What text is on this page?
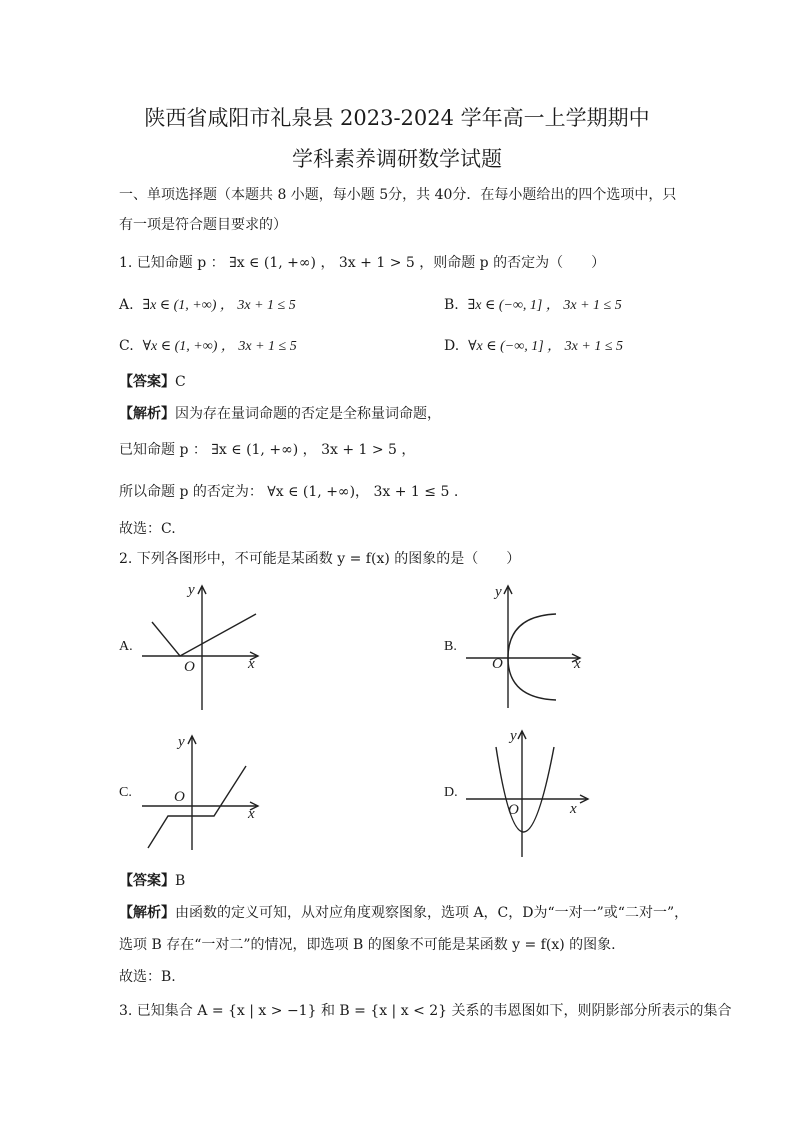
陕西省咸阳市礼泉县 2023-2024 学年高一上学期期中
学科素养调研数学试题
一、单项选择题（本题共 8 小题，每小题 5分，共 40分．在每小题给出的四个选项中，只
有一项是符合题目要求的）
1. 已知命题 p ： ∃x ∈ (1, +∞) ， 3x + 1 > 5 ，则命题 p 的否定为（　　）
A. ∃x ∈ (1, +∞) ， 3x + 1 ≤ 5	B. ∃x ∈ (−∞, 1] ， 3x + 1 ≤ 5
C. ∀x ∈ (1, +∞) ， 3x + 1 ≤ 5	D. ∀x ∈ (−∞, 1] ， 3x + 1 ≤ 5
【答案】C
【解析】因为存在量词命题的否定是全称量词命题，
已知命题 p ： ∃x ∈ (1, +∞) ， 3x + 1 > 5 ，
所以命题 p 的否定为： ∀x ∈ (1, +∞)， 3x + 1 ≤ 5 .
故选：C.
2. 下列各图形中，不可能是某函数 y = f(x) 的图象的是（　　）
A.
x
y
O
B.
x
y
O
C.
x
y
O	D.
x
y
O
【答案】B
【解析】由函数的定义可知，从对应角度观察图象，选项 A，C，D为“一对一”或“二对一”，
选项 B 存在“一对二”的情况，即选项 B 的图象不可能是某函数 y = f(x) 的图象.
故选：B.
3. 已知集合 A = {x | x > −1} 和 B = {x | x < 2} 关系的韦恩图如下，则阴影部分所表示的集合
